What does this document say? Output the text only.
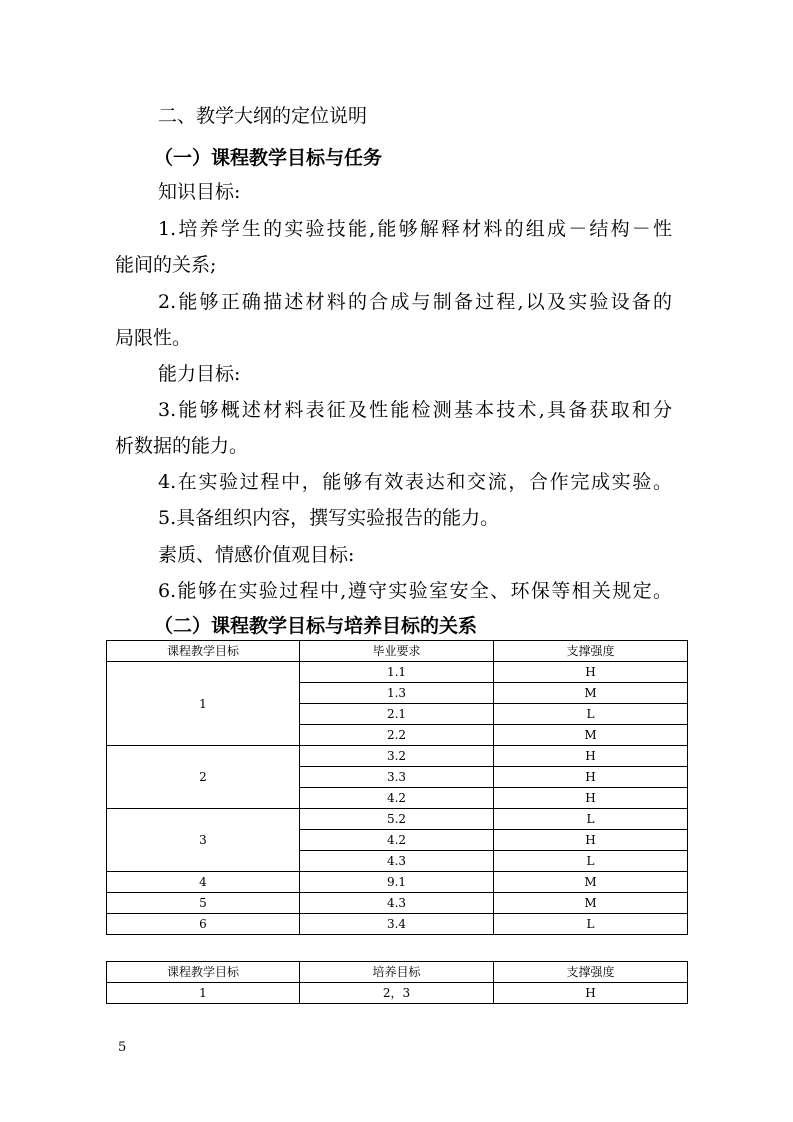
二、教学大纲的定位说明
（一）课程教学目标与任务
知识目标:
1.培养学生的实验技能,能够解释材料的组成－结构－性
能间的关系;
2.能够正确描述材料的合成与制备过程,以及实验设备的
局限性。
能力目标:
3.能够概述材料表征及性能检测基本技术,具备获取和分
析数据的能力。
4.在实验过程中，能够有效表达和交流，合作完成实验。
5.具备组织内容，撰写实验报告的能力。
素质、情感价值观目标:
6.能够在实验过程中,遵守实验室安全、环保等相关规定。
（二）课程教学目标与培养目标的关系
课程教学目标	毕业要求	支撑强度
1	1.1	H
	1.3	M
	2.1	L
	2.2	M
2	3.2	H
	3.3	H
	4.2	H
3	5.2	L
	4.2	H
	4.3	L
4	9.1	M
5	4.3	M
6	3.4	L
课程教学目标	培养目标	支撑强度
1	2，3	H
5
